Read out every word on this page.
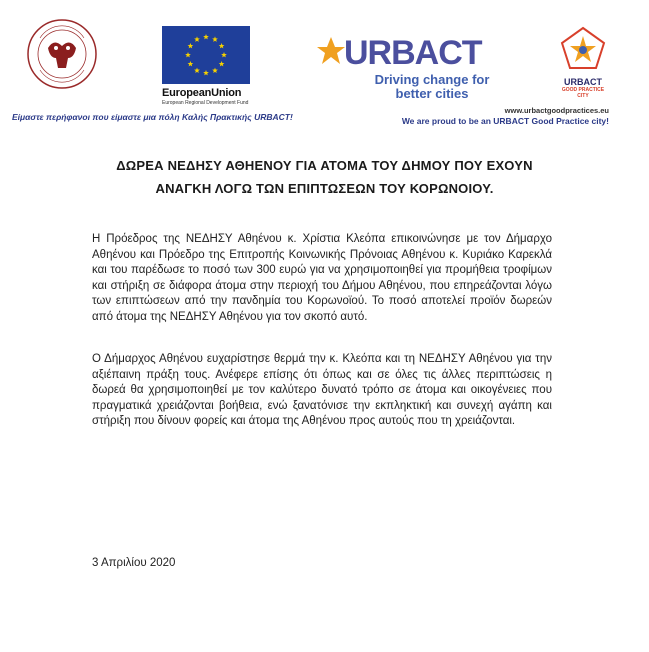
EuropeanUnion
European Regional Development Fund
URBACT
Driving change for
better cities
URBACT
GOOD PRACTICE
CITY
Είμαστε περήφανοι που είμαστε μια πόλη Καλής Πρακτικής URBACT!
www.urbactgoodpractices.eu
We are proud to be an URBACT Good Practice city!
ΔΩΡΕΑ ΝΕΔΗΣΥ ΑΘΗΕΝΟΥ ΓΙΑ ΑΤΟΜΑ ΤΟΥ ΔΗΜΟΥ ΠΟΥ ΕΧΟΥΝ
ΑΝΑΓΚΗ ΛΟΓΩ ΤΩΝ ΕΠΙΠΤΩΣΕΩΝ ΤΟΥ ΚΟΡΩΝΟΙΟΥ.
Η Πρόεδρος της ΝΕΔΗΣΥ Αθηένου κ. Χρίστια Κλεόπα επικοινώνησε με τον Δήμαρχο Αθηένου και Πρόεδρο της Επιτροπής Κοινωνικής Πρόνοιας Αθηένου κ. Κυριάκο Καρεκλά και του παρέδωσε το ποσό των 300 ευρώ για να χρησιμοποιηθεί για προμήθεια τροφίμων και στήριξη σε διάφορα άτομα στην περιοχή του Δήμου Αθηένου, που επηρεάζονται λόγω των επιπτώσεων από την πανδημία του Κορωνοϊού. Το ποσό αποτελεί προϊόν δωρεών από άτομα της ΝΕΔΗΣΥ Αθηένου για τον σκοπό αυτό.
Ο Δήμαρχος Αθηένου ευχαρίστησε θερμά την κ. Κλεόπα και τη ΝΕΔΗΣΥ Αθηένου για την αξιέπαινη πράξη τους. Ανέφερε επίσης ότι όπως και σε όλες τις άλλες περιπτώσεις η δωρεά θα χρησιμοποιηθεί με τον καλύτερο δυνατό τρόπο σε άτομα και οικογένειες που πραγματικά χρειάζονται βοήθεια, ενώ ξανατόνισε την εκπληκτική και συνεχή αγάπη και στήριξη που δίνουν φορείς και άτομα της Αθηένου προς αυτούς που τη χρειάζονται.
3 Απριλίου 2020
